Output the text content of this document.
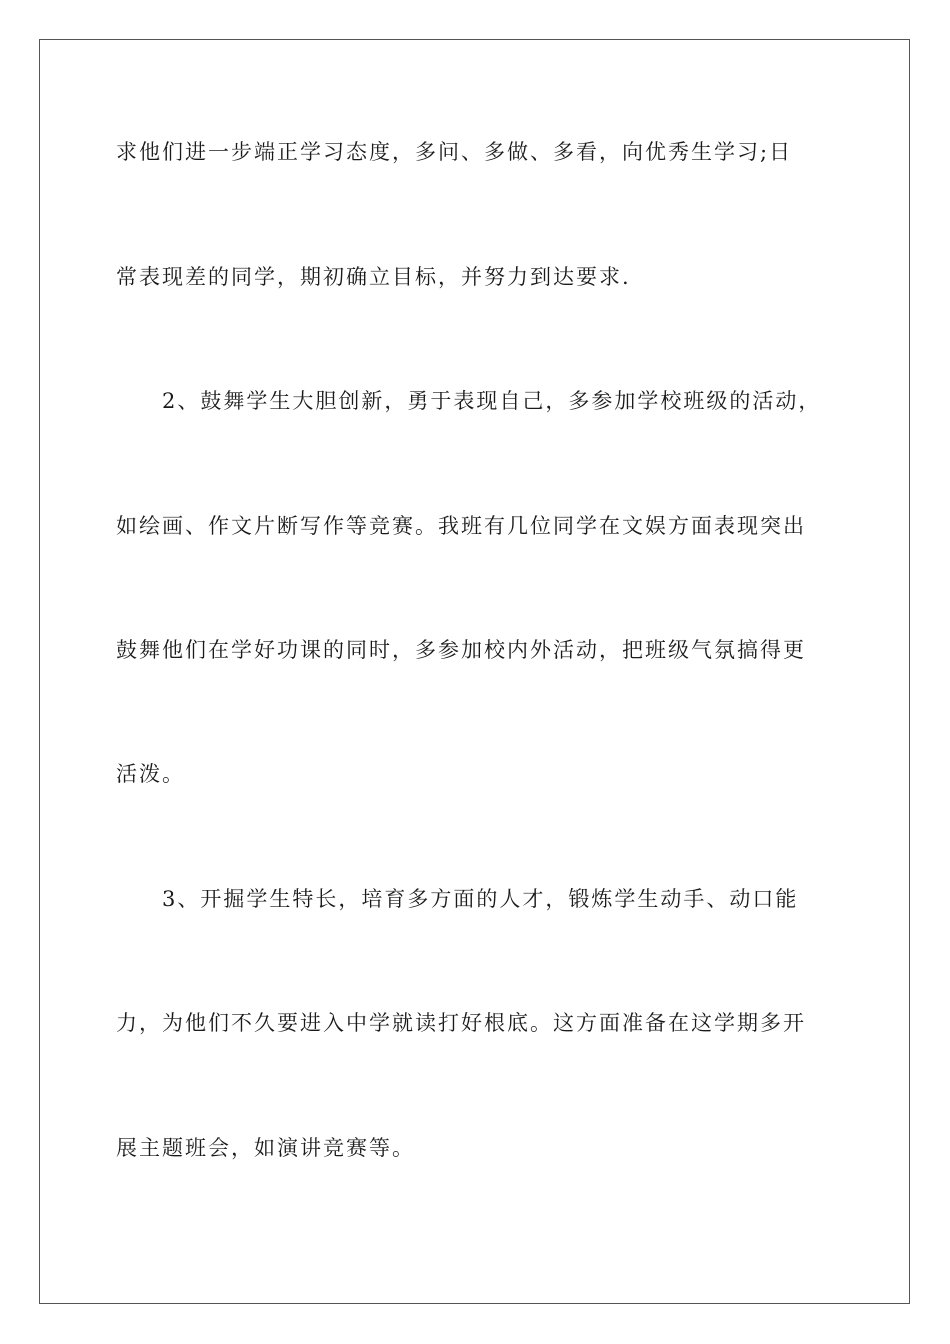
求他们进一步端正学习态度，多问、多做、多看，向优秀生学习;日
常表现差的同学，期初确立目标，并努力到达要求.
2、鼓舞学生大胆创新，勇于表现自己，多参加学校班级的活动，
如绘画、作文片断写作等竞赛。我班有几位同学在文娱方面表现突出
鼓舞他们在学好功课的同时，多参加校内外活动，把班级气氛搞得更
活泼。
3、开掘学生特长，培育多方面的人才，锻炼学生动手、动口能
力，为他们不久要进入中学就读打好根底。这方面准备在这学期多开
展主题班会，如演讲竞赛等。
